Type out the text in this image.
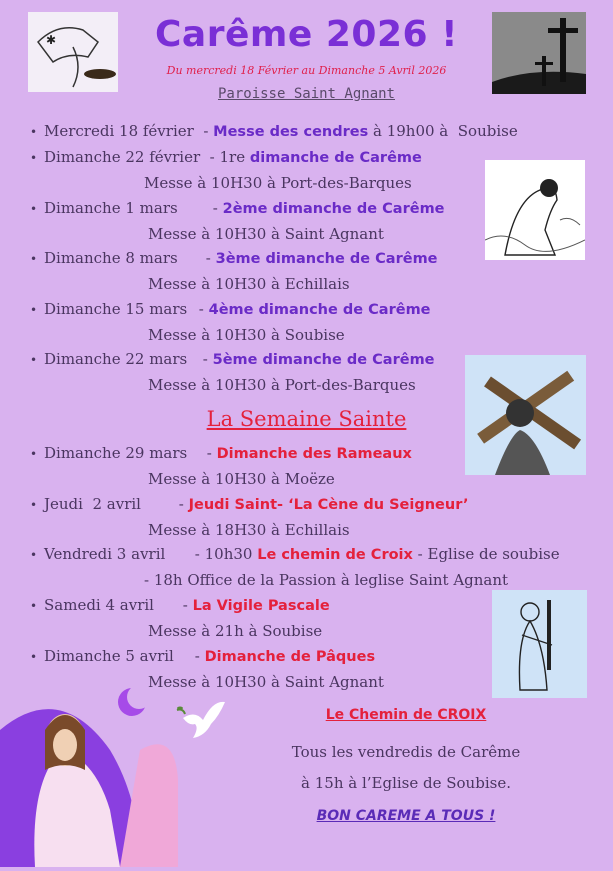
✱	Carême 2026 !
Du mercredi 18 Février au Dimanche 5 Avril 2026
Paroisse Saint Agnant
• Mercredi 18 février  - Messe des cendres à 19h00 à  Soubise
• Dimanche 22 février  - 1re dimanche de Carême
Messe à 10H30 à Port-des-Barques
• Dimanche 1 mars - 2ème dimanche de Carême
Messe à 10H30 à Saint Agnant
• Dimanche 8 mars - 3ème dimanche de Carême
Messe à 10H30 à Echillais
• Dimanche 15 mars - 4ème dimanche de Carême
Messe à 10H30 à Soubise
• Dimanche 22 mars - 5ème dimanche de Carême
Messe à 10H30 à Port-des-Barques
La Semaine Sainte
• Dimanche 29 mars - Dimanche des Rameaux
Messe à 10H30 à Moëze
• Jeudi  2 avril - Jeudi Saint- ‘La Cène du Seigneur’
Messe à 18H30 à Echillais
• Vendredi 3 avril - 10h30 Le chemin de Croix - Eglise de soubise
- 18h Office de la Passion à leglise Saint Agnant
• Samedi 4 avril - La Vigile Pascale
Messe à 21h à Soubise
• Dimanche 5 avril - Dimanche de Pâques
Messe à 10H30 à Saint Agnant
Le Chemin de CROIX
Tous les vendredis de Carême
à 15h à l’Eglise de Soubise.
BON CAREME A TOUS !
